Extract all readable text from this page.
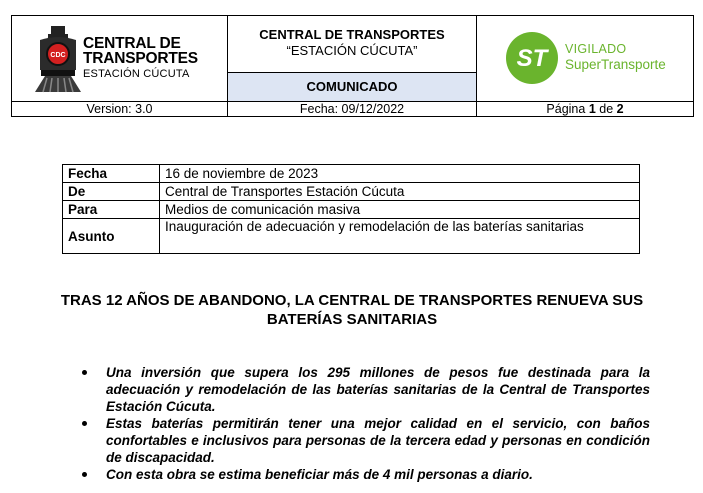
CDC
CENTRAL DE
TRANSPORTES
ESTACIÓN CÚCUTA
CENTRAL DE TRANSPORTES
“ESTACIÓN CÚCUTA”
COMUNICADO
ST VIGILADO
SuperTransporte
Version: 3.0	Fecha: 09/12/2022	Página 1 de 2
Fecha	16 de noviembre de 2023
De	Central de Transportes Estación Cúcuta
Para	Medios de comunicación masiva
Asunto	Inauguración de adecuación y remodelación de las baterías sanitarias
TRAS 12 AÑOS DE ABANDONO, LA CENTRAL DE TRANSPORTES RENUEVA SUS BATERÍAS SANITARIAS
Una inversión que supera los 295 millones de pesos fue destinada para la adecuación y remodelación de las baterías sanitarias de la Central de Transportes Estación Cúcuta.
Estas baterías permitirán tener una mejor calidad en el servicio, con baños confortables e inclusivos para personas de la tercera edad y personas en condición de discapacidad.
Con esta obra se estima beneficiar más de 4 mil personas a diario.
